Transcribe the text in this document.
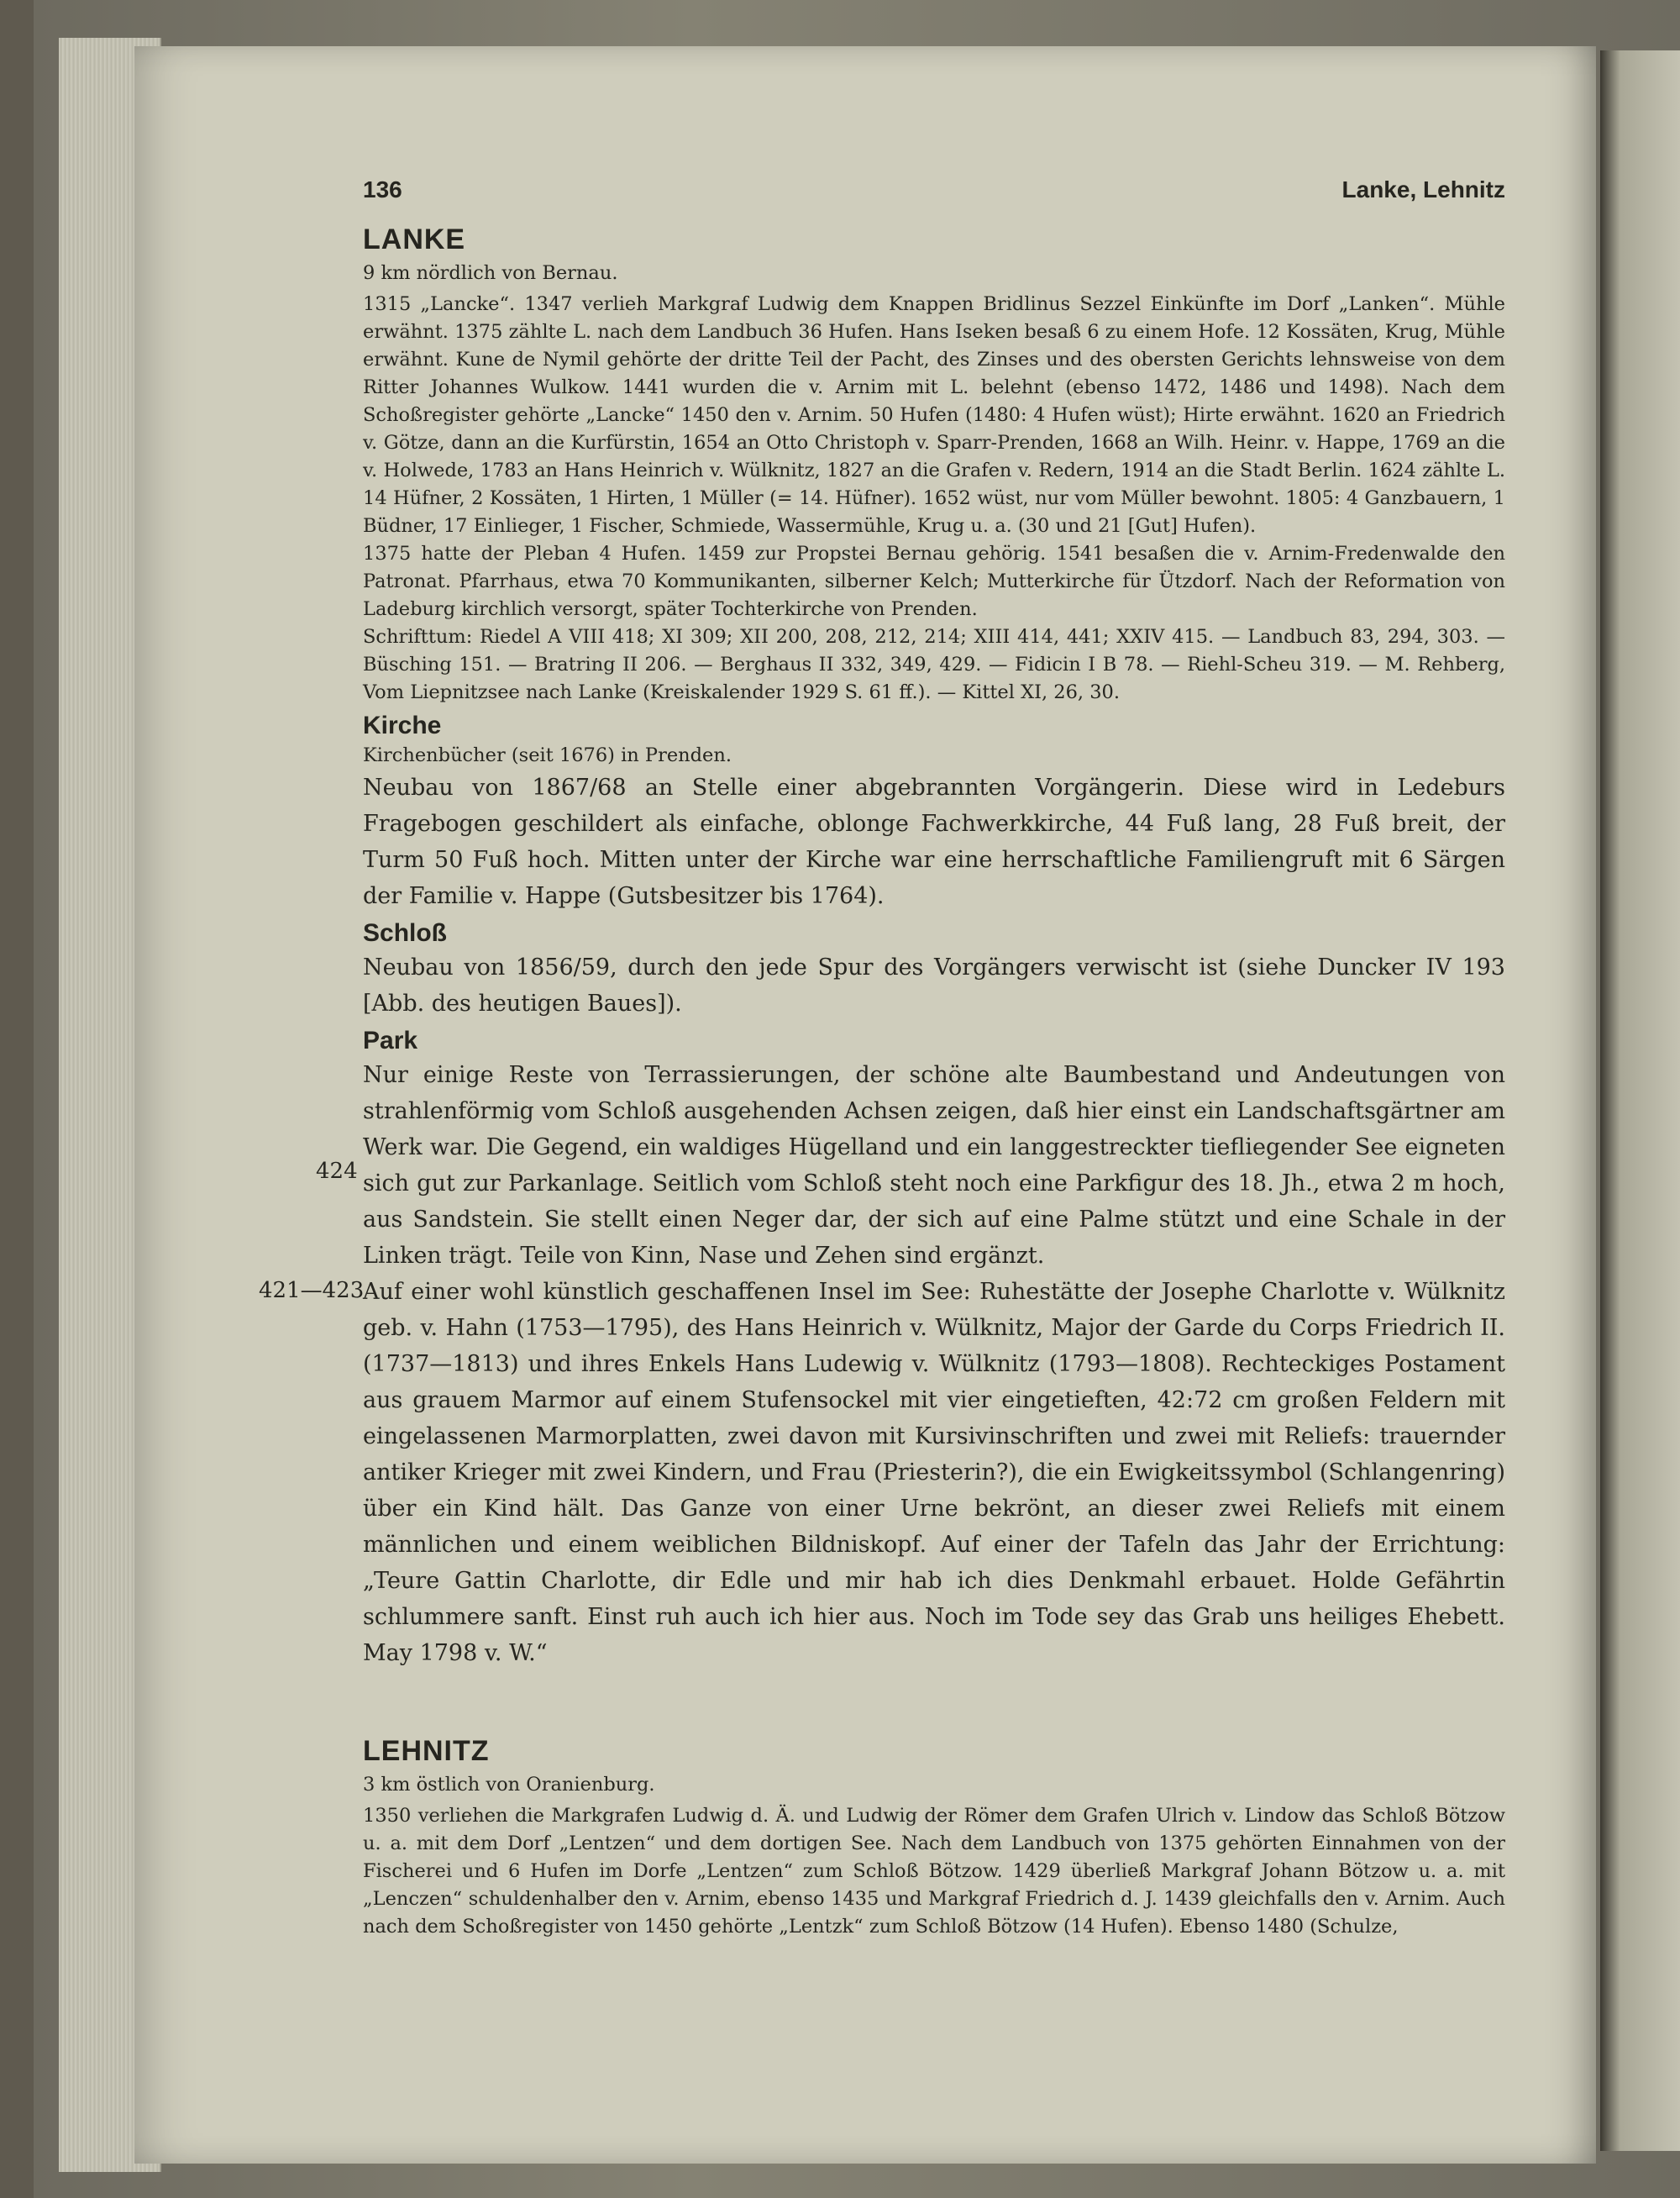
136	Lanke, Lehnitz
LANKE

9 km nördlich von Bernau.

1315 „Lancke“. 1347 verlieh Markgraf Ludwig dem Knappen Bridlinus Sezzel Einkünfte im Dorf „Lanken“. Mühle erwähnt. 1375 zählte L. nach dem Landbuch 36 Hufen. Hans Iseken besaß 6 zu einem Hofe. 12 Kossäten, Krug, Mühle erwähnt. Kune de Nymil gehörte der dritte Teil der Pacht, des Zinses und des obersten Gerichts lehnsweise von dem Ritter Johannes Wulkow. 1441 wurden die v. Arnim mit L. belehnt (ebenso 1472, 1486 und 1498). Nach dem Schoßregister gehörte „Lancke“ 1450 den v. Arnim. 50 Hufen (1480: 4 Hufen wüst); Hirte erwähnt. 1620 an Friedrich v. Götze, dann an die Kurfürstin, 1654 an Otto Christoph v. Sparr-Prenden, 1668 an Wilh. Heinr. v. Happe, 1769 an die v. Holwede, 1783 an Hans Heinrich v. Wülknitz, 1827 an die Grafen v. Redern, 1914 an die Stadt Berlin. 1624 zählte L. 14 Hüfner, 2 Kossäten, 1 Hirten, 1 Müller (= 14. Hüfner). 1652 wüst, nur vom Müller bewohnt. 1805: 4 Ganzbauern, 1 Büdner, 17 Einlieger, 1 Fischer, Schmiede, Wassermühle, Krug u. a. (30 und 21 [Gut] Hufen).

1375 hatte der Pleban 4 Hufen. 1459 zur Propstei Bernau gehörig. 1541 besaßen die v. Arnim-Fredenwalde den Patronat. Pfarrhaus, etwa 70 Kommunikanten, silberner Kelch; Mutterkirche für Ützdorf. Nach der Reformation von Ladeburg kirchlich versorgt, später Tochterkirche von Prenden.

Schrifttum: Riedel A VIII 418; XI 309; XII 200, 208, 212, 214; XIII 414, 441; XXIV 415. — Landbuch 83, 294, 303. — Büsching 151. — Bratring II 206. — Berghaus II 332, 349, 429. — Fidicin I B 78. — Riehl-Scheu 319. — M. Rehberg, Vom Liepnitzsee nach Lanke (Kreiskalender 1929 S. 61 ff.). — Kittel XI, 26, 30.

Kirche

Kirchenbücher (seit 1676) in Prenden.

Neubau von 1867/68 an Stelle einer abgebrannten Vorgängerin. Diese wird in Ledeburs Fragebogen geschildert als einfache, oblonge Fachwerkkirche, 44 Fuß lang, 28 Fuß breit, der Turm 50 Fuß hoch. Mitten unter der Kirche war eine herrschaftliche Familiengruft mit 6 Särgen der Familie v. Happe (Gutsbesitzer bis 1764).

Schloß

Neubau von 1856/59, durch den jede Spur des Vorgängers verwischt ist (siehe Duncker IV 193 [Abb. des heutigen Baues]).

Park
424

Nur einige Reste von Terrassierungen, der schöne alte Baumbestand und Andeutungen von strahlenförmig vom Schloß ausgehenden Achsen zeigen, daß hier einst ein Landschaftsgärtner am Werk war. Die Gegend, ein waldiges Hügelland und ein langgestreckter tiefliegender See eigneten sich gut zur Parkanlage. Seitlich vom Schloß steht noch eine Parkfigur des 18. Jh., etwa 2 m hoch, aus Sandstein. Sie stellt einen Neger dar, der sich auf eine Palme stützt und eine Schale in der Linken trägt. Teile von Kinn, Nase und Zehen sind ergänzt.

421—423

Auf einer wohl künstlich geschaffenen Insel im See: Ruhestätte der Josephe Charlotte v. Wülknitz geb. v. Hahn (1753—1795), des Hans Heinrich v. Wülknitz, Major der Garde du Corps Friedrich II. (1737—1813) und ihres Enkels Hans Ludewig v. Wülknitz (1793—1808). Rechteckiges Postament aus grauem Marmor auf einem Stufensockel mit vier eingetieften, 42:72 cm großen Feldern mit eingelassenen Marmorplatten, zwei davon mit Kursivinschriften und zwei mit Reliefs: trauernder antiker Krieger mit zwei Kindern, und Frau (Priesterin?), die ein Ewigkeitssymbol (Schlangenring) über ein Kind hält. Das Ganze von einer Urne bekrönt, an dieser zwei Reliefs mit einem männlichen und einem weiblichen Bildniskopf. Auf einer der Tafeln das Jahr der Errichtung: „Teure Gattin Charlotte, dir Edle und mir hab ich dies Denkmahl erbauet. Holde Gefährtin schlummere sanft. Einst ruh auch ich hier aus. Noch im Tode sey das Grab uns heiliges Ehebett. May 1798 v. W.“

LEHNITZ

3 km östlich von Oranienburg.

1350 verliehen die Markgrafen Ludwig d. Ä. und Ludwig der Römer dem Grafen Ulrich v. Lindow das Schloß Bötzow u. a. mit dem Dorf „Lentzen“ und dem dortigen See. Nach dem Landbuch von 1375 gehörten Einnahmen von der Fischerei und 6 Hufen im Dorfe „Lentzen“ zum Schloß Bötzow. 1429 überließ Markgraf Johann Bötzow u. a. mit „Lenczen“ schuldenhalber den v. Arnim, ebenso 1435 und Markgraf Friedrich d. J. 1439 gleichfalls den v. Arnim. Auch nach dem Schoßregister von 1450 gehörte „Lentzk“ zum Schloß Bötzow (14 Hufen). Ebenso 1480 (Schulze,
